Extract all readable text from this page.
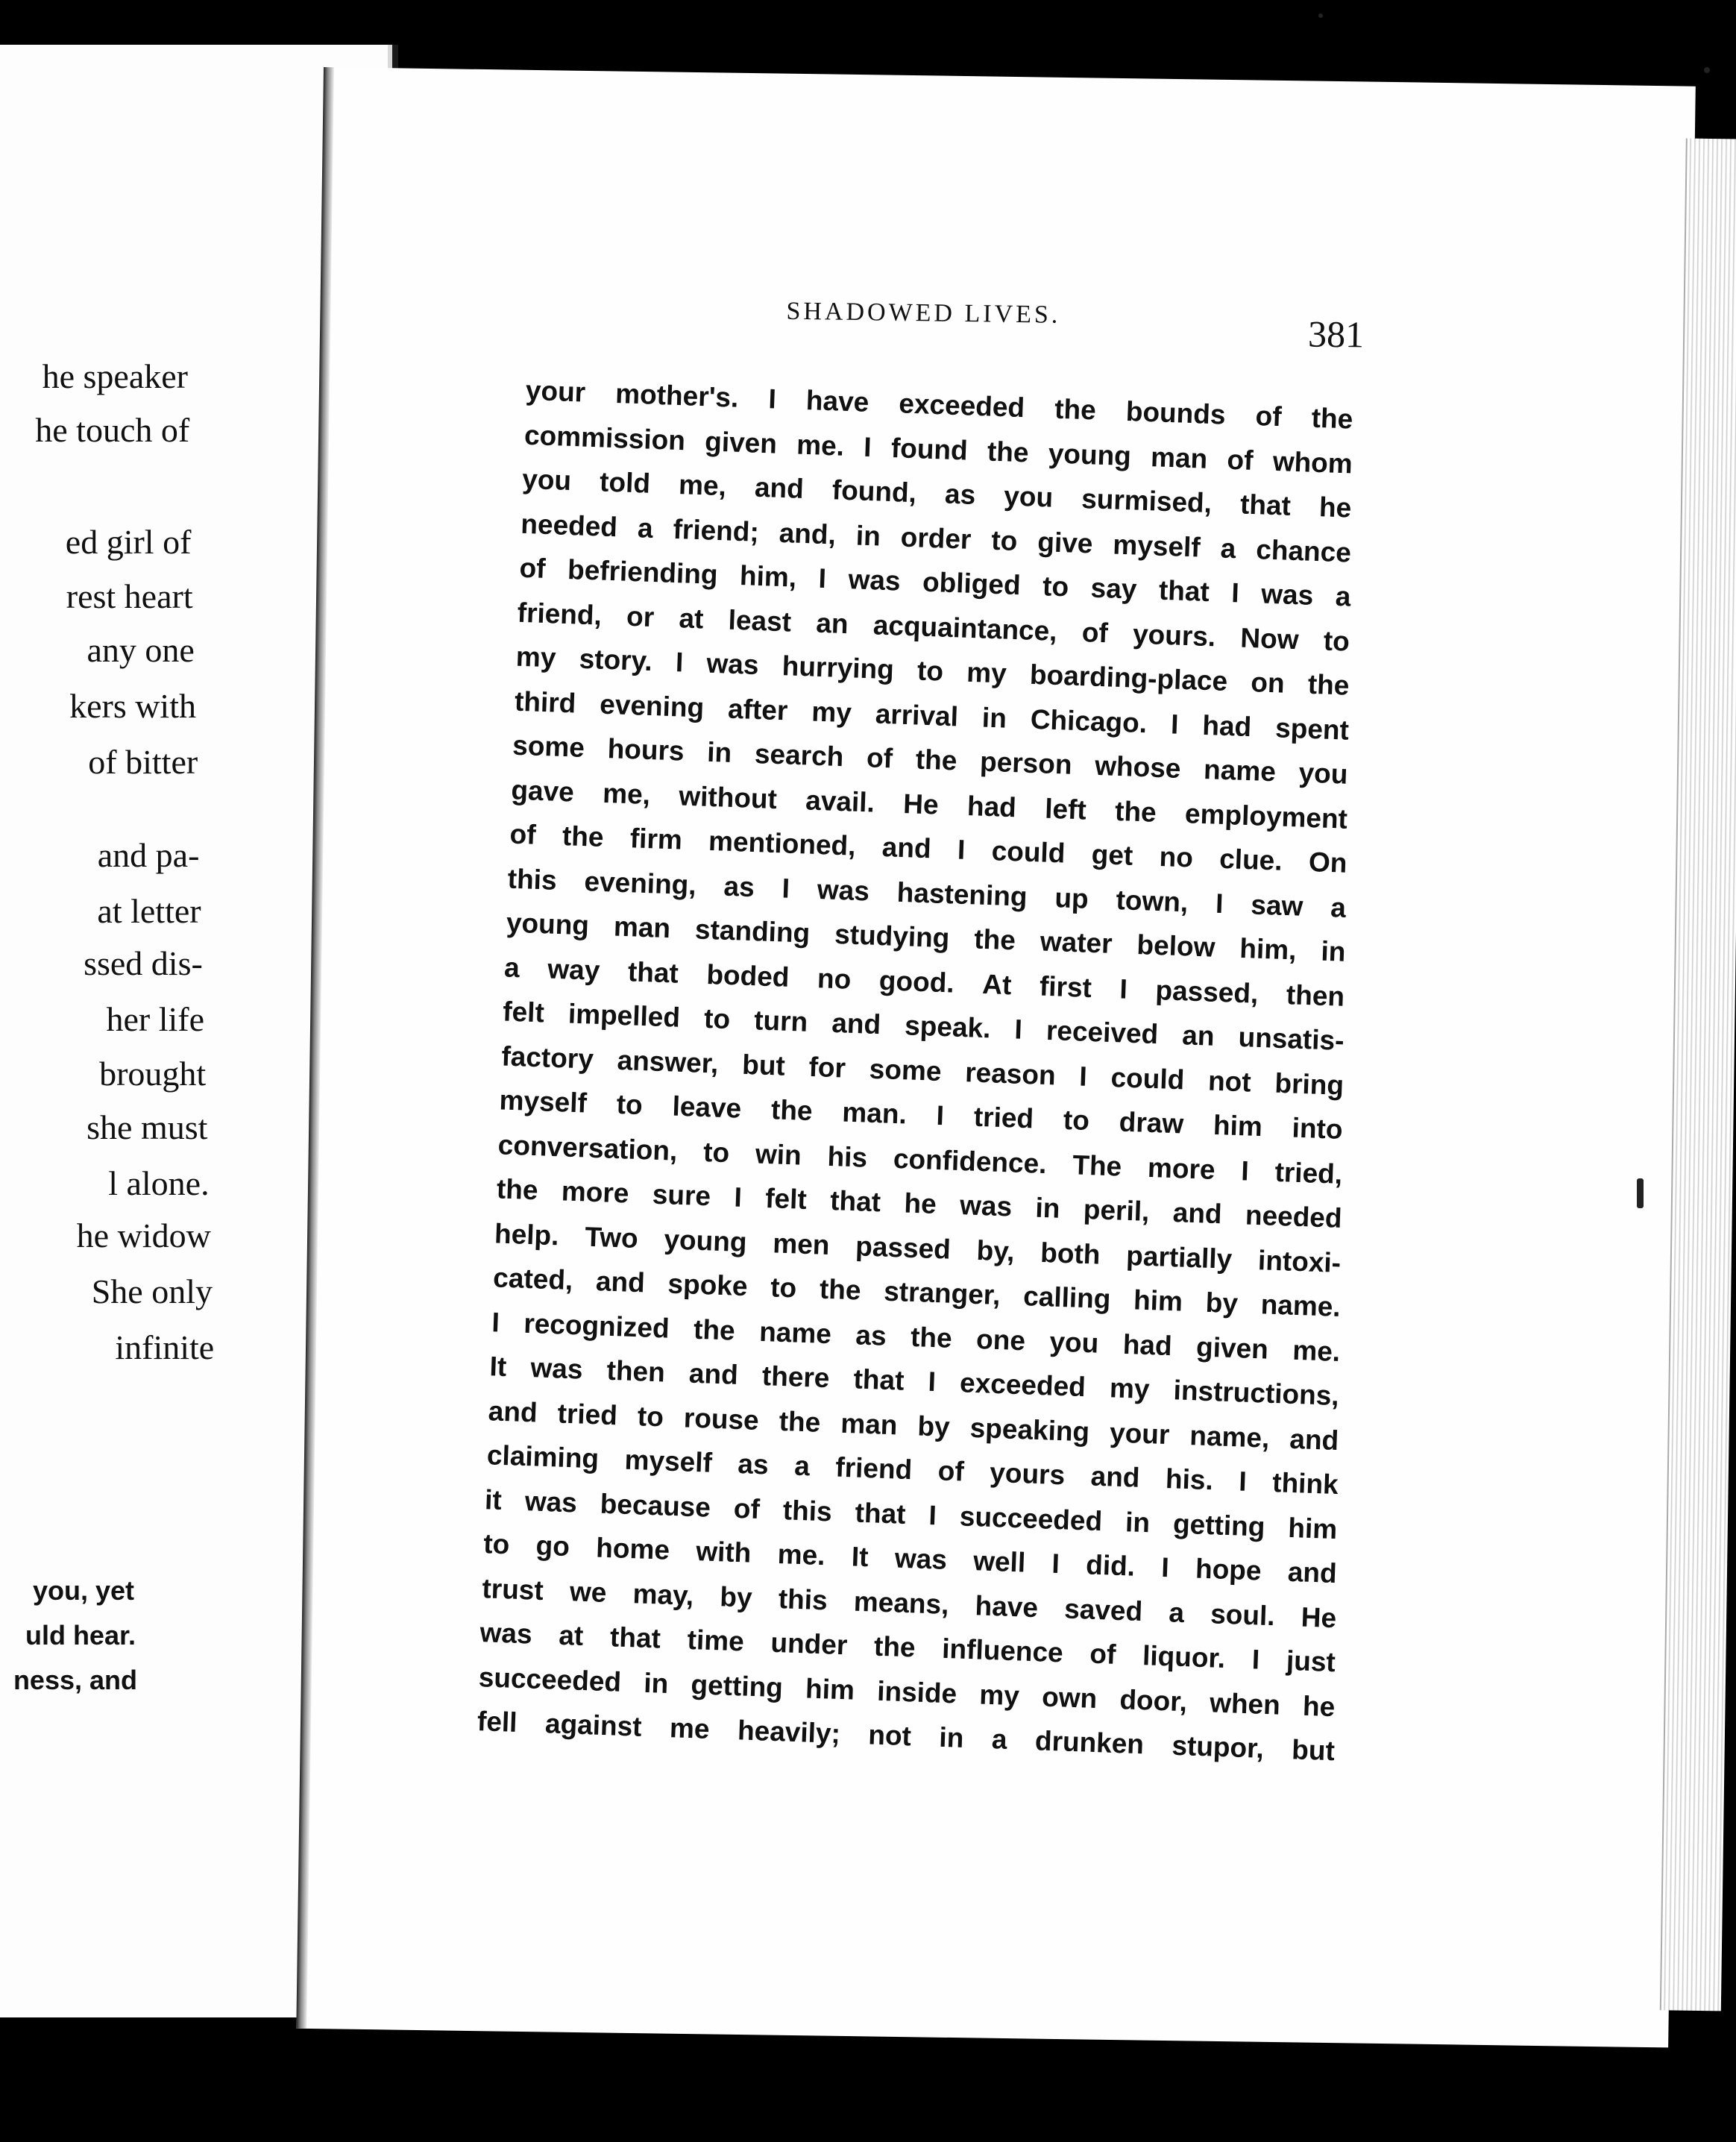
he speaker
he touch of
ed girl of
rest heart
any one
kers with
of bitter
and pa-
at letter
ssed dis-
her life
brought
she must
l alone.
he widow
She only
infinite
you, yet
uld hear.
ness, and
SHADOWED LIVES.	381
your mother's. I have exceeded the bounds of the
commission given me. I found the young man of whom
you told me, and found, as you surmised, that he
needed a friend; and, in order to give myself a chance
of befriending him, I was obliged to say that I was a
friend, or at least an acquaintance, of yours. Now to
my story. I was hurrying to my boarding-place on the
third evening after my arrival in Chicago. I had spent
some hours in search of the person whose name you
gave me, without avail. He had left the employment
of the firm mentioned, and I could get no clue. On
this evening, as I was hastening up town, I saw a
young man standing studying the water below him, in
a way that boded no good. At first I passed, then
felt impelled to turn and speak. I received an unsatis-
factory answer, but for some reason I could not bring
myself to leave the man. I tried to draw him into
conversation, to win his confidence. The more I tried,
the more sure I felt that he was in peril, and needed
help. Two young men passed by, both partially intoxi-
cated, and spoke to the stranger, calling him by name.
I recognized the name as the one you had given me.
It was then and there that I exceeded my instructions,
and tried to rouse the man by speaking your name, and
claiming myself as a friend of yours and his. I think
it was because of this that I succeeded in getting him
to go home with me. It was well I did. I hope and
trust we may, by this means, have saved a soul. He
was at that time under the influence of liquor. I just
succeeded in getting him inside my own door, when he
fell against me heavily; not in a drunken stupor, but
